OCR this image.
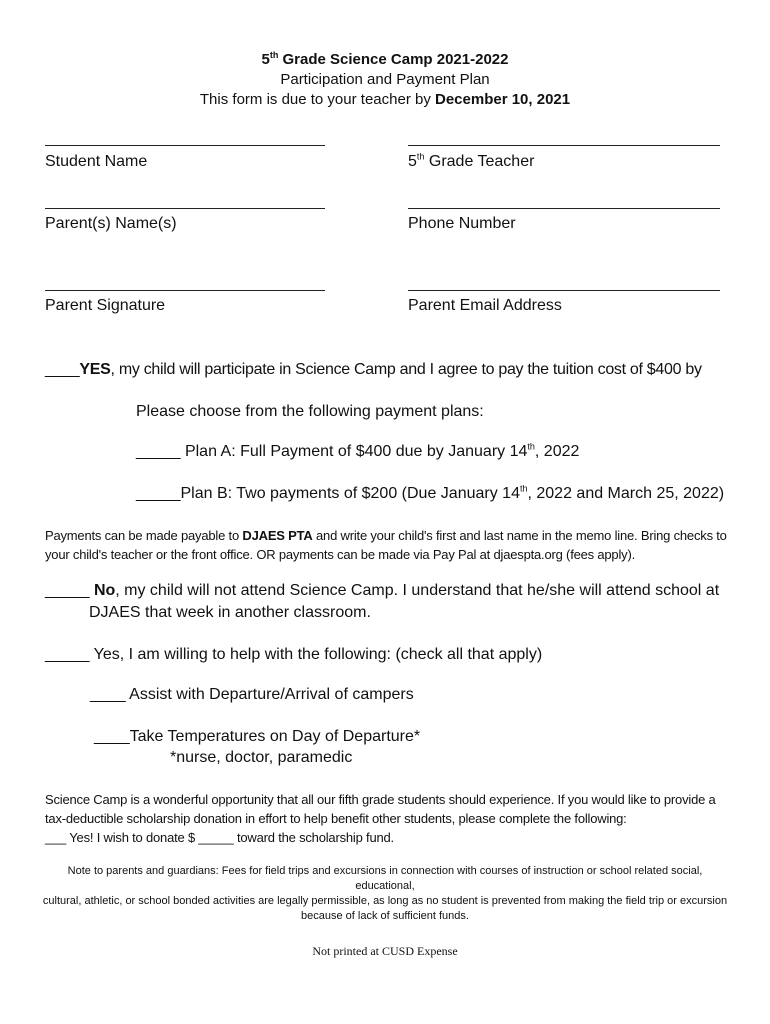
5th Grade Science Camp 2021-2022
Participation and Payment Plan
This form is due to your teacher by December 10, 2021
Student Name	5th Grade Teacher
Parent(s) Name(s)	Phone Number
Parent Signature	Parent Email Address
____YES, my child will participate in Science Camp and I agree to pay the tuition cost of $400 by
Please choose from the following payment plans:
_____ Plan A: Full Payment of $400 due by January 14th, 2022
_____Plan B: Two payments of $200 (Due January 14th, 2022 and March 25, 2022)
Payments can be made payable to DJAES PTA and write your child's first and last name in the memo line. Bring checks to
your child's teacher or the front office. OR payments can be made via Pay Pal at djaespta.org (fees apply).
_____ No, my child will not attend Science Camp. I understand that he/she will attend school at
DJAES that week in another classroom.
_____ Yes, I am willing to help with the following: (check all that apply)
____ Assist with Departure/Arrival of campers
____Take Temperatures on Day of Departure*
*nurse, doctor, paramedic
Science Camp is a wonderful opportunity that all our fifth grade students should experience. If you would like to provide a
tax-deductible scholarship donation in effort to help benefit other students, please complete the following:
___ Yes! I wish to donate $ _____ toward the scholarship fund.
Note to parents and guardians: Fees for field trips and excursions in connection with courses of instruction or school related social, educational,
cultural, athletic, or school bonded activities are legally permissible, as long as no student is prevented from making the field trip or excursion
because of lack of sufficient funds.
Not printed at CUSD Expense
